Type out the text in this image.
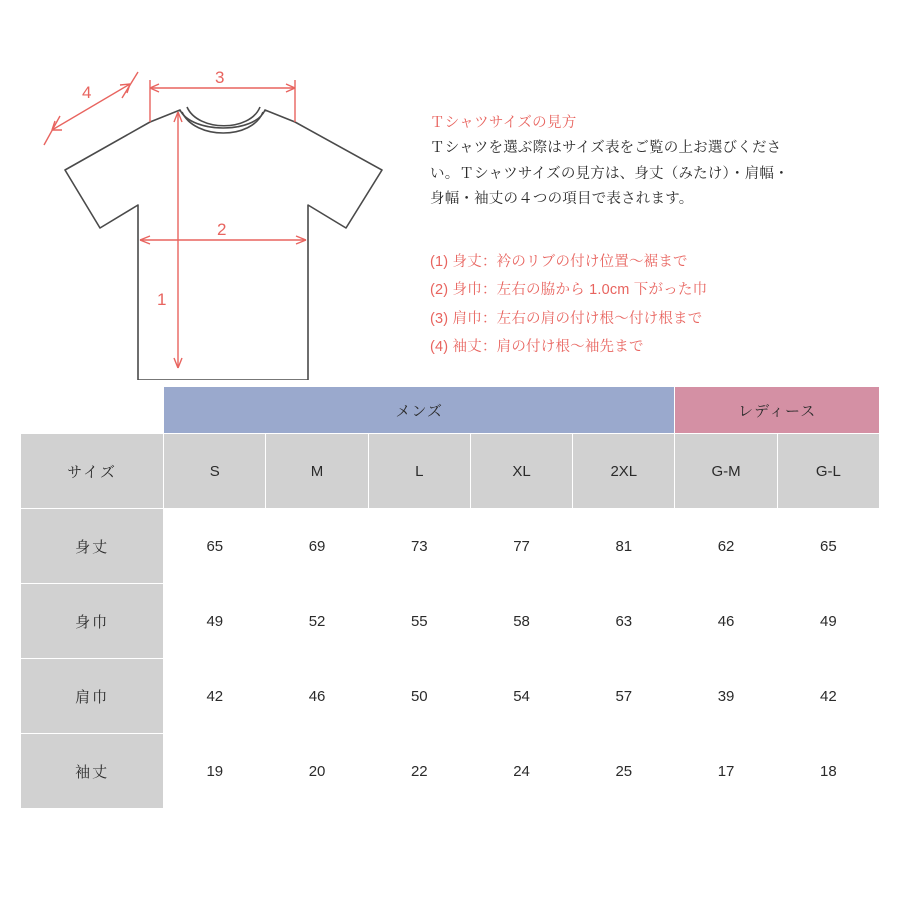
3
4
2
1
Ｔシャツサイズの見方
Ｔシャツを選ぶ際はサイズ表をご覧の上お選びくださ
い。Ｔシャツサイズの見方は、身丈（みたけ）・肩幅・
身幅・袖丈の４つの項目で表されます。
(1) 身丈：衿のリブの付け位置〜裾まで
(2) 身巾：左右の脇から 1.0cm 下がった巾
(3) 肩巾：左右の肩の付け根〜付け根まで
(4) 袖丈：肩の付け根〜袖先まで
	メンズ					レディース	
サイズ	S	M	L	XL	2XL	G-M	G-L
身丈	65	69	73	77	81	62	65
身巾	49	52	55	58	63	46	49
肩巾	42	46	50	54	57	39	42
袖丈	19	20	22	24	25	17	18
